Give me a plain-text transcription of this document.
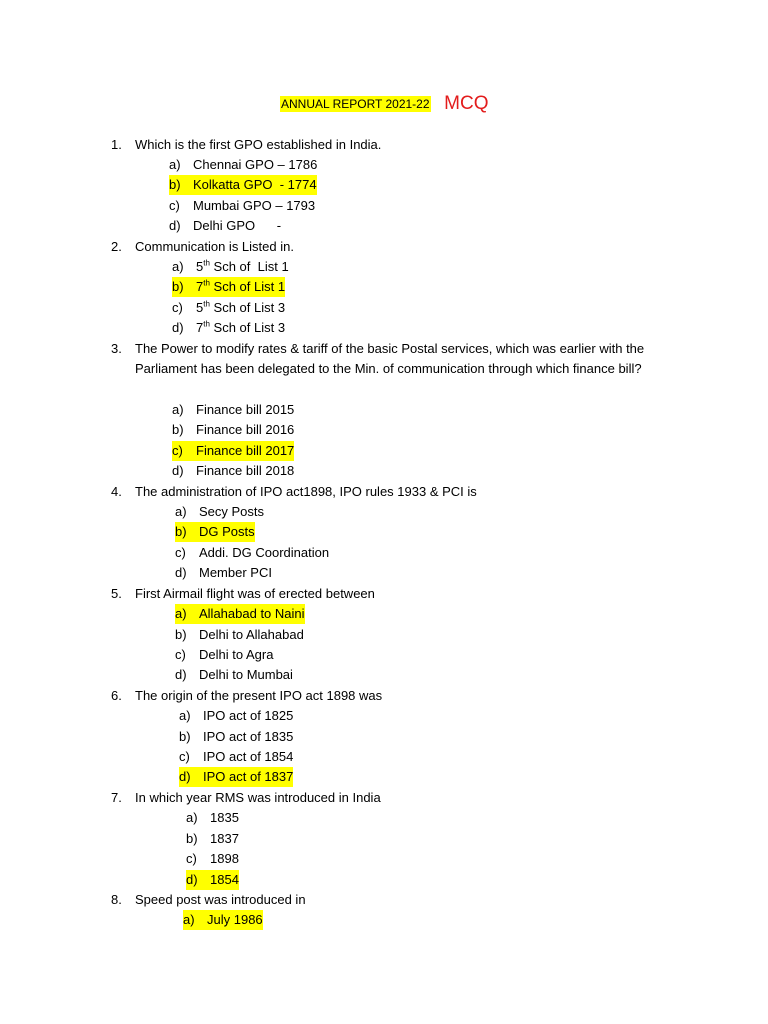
ANNUAL REPORT 2021-22 MCQ
1.	Which is the first GPO established in India.
a) Chennai GPO – 1786
b) Kolkatta GPO  - 1774
c) Mumbai GPO – 1793
d) Delhi GPO      -
2.	Communication is Listed in.
a) 5th Sch of  List 1
b) 7th Sch of List 1
c) 5th Sch of List 3
d) 7th Sch of List 3
3.	The Power to modify rates & tariff of the basic Postal services, which was earlier with the Parliament has been delegated to the Min. of communication through which finance bill?
a) Finance bill 2015
b) Finance bill 2016
c) Finance bill 2017
d) Finance bill 2018
4.	The administration of IPO act1898, IPO rules 1933 & PCI is
a) Secy Posts
b) DG Posts
c) Addi. DG Coordination
d) Member PCI
5.	First Airmail flight was of erected between
a) Allahabad to Naini
b) Delhi to Allahabad
c) Delhi to Agra
d) Delhi to Mumbai
6.	The origin of the present IPO act 1898 was
a) IPO act of 1825
b) IPO act of 1835
c) IPO act of 1854
d) IPO act of 1837
7.	In which year RMS was introduced in India
a) 1835
b) 1837
c) 1898
d) 1854
8.	Speed post was introduced in
a) July 1986
